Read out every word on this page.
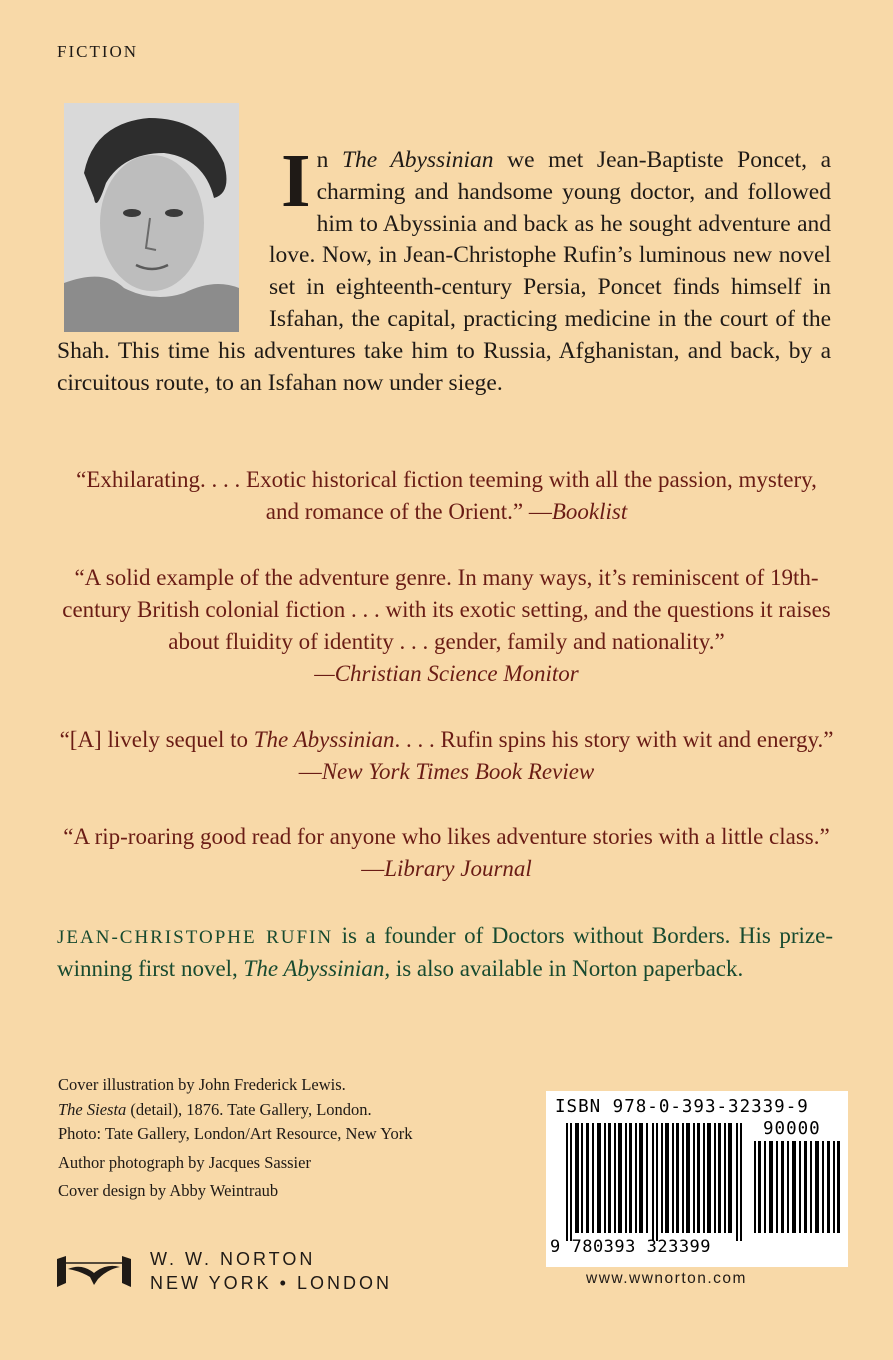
FICTION
In The Abyssinian we met Jean-Baptiste Poncet, a charming and handsome young doctor, and followed him to Abyssinia and back as he sought adventure and love. Now, in Jean-Christophe Rufin’s luminous new novel set in eighteenth-century Persia, Poncet finds himself in Isfahan, the capital, practicing medicine in the court of the Shah. This time his adventures take him to Russia, Afghanistan, and back, by a circuitous route, to an Isfahan now under siege.
“Exhilarating. . . . Exotic historical fiction teeming with all the passion, mystery, and romance of the Orient.” —Booklist
“A solid example of the adventure genre. In many ways, it’s reminiscent of 19th-century British colonial fiction . . . with its exotic setting, and the questions it raises about fluidity of identity . . . gender, family and nationality.”
—Christian Science Monitor
“[A] lively sequel to The Abyssinian. . . . Rufin spins his story with wit and energy.” —New York Times Book Review
“A rip-roaring good read for anyone who likes adventure stories with a little class.” —Library Journal
JEAN-CHRISTOPHE RUFIN is a founder of Doctors without Borders. His prize-winning first novel, The Abyssinian, is also available in Norton paperback.
Cover illustration by John Frederick Lewis.
The Siesta (detail), 1876. Tate Gallery, London.
Photo: Tate Gallery, London/Art Resource, New York
Author photograph by Jacques Sassier
Cover design by Abby Weintraub
W. W. NORTON
NEW YORK • LONDON
ISBN 978-0-393-32339-9
90000
9 780393 323399
www.wwnorton.com
